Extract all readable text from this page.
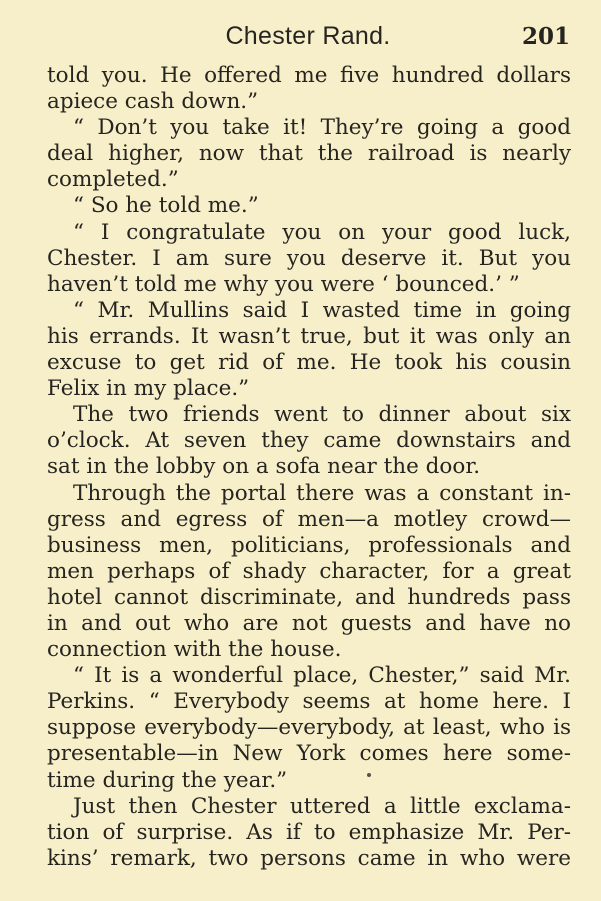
Chester Rand.	201
told you. He offered me five hundred dollars
apiece cash down.”
“ Don’t you take it! They’re going a good
deal higher, now that the railroad is nearly
completed.”
“ So he told me.”
“ I congratulate you on your good luck,
Chester. I am sure you deserve it. But you
haven’t told me why you were ‘ bounced.’ ”
“ Mr. Mullins said I wasted time in going
his errands. It wasn’t true, but it was only an
excuse to get rid of me. He took his cousin
Felix in my place.”
The two friends went to dinner about six
o’clock. At seven they came downstairs and
sat in the lobby on a sofa near the door.
Through the portal there was a constant in-
gress and egress of men—a motley crowd—
business men, politicians, professionals and
men perhaps of shady character, for a great
hotel cannot discriminate, and hundreds pass
in and out who are not guests and have no
connection with the house.
“ It is a wonderful place, Chester,” said Mr.
Perkins. “ Everybody seems at home here. I
suppose everybody—everybody, at least, who is
presentable—in New York comes here some-
time during the year.”
Just then Chester uttered a little exclama-
tion of surprise. As if to emphasize Mr. Per-
kins’ remark, two persons came in who were
